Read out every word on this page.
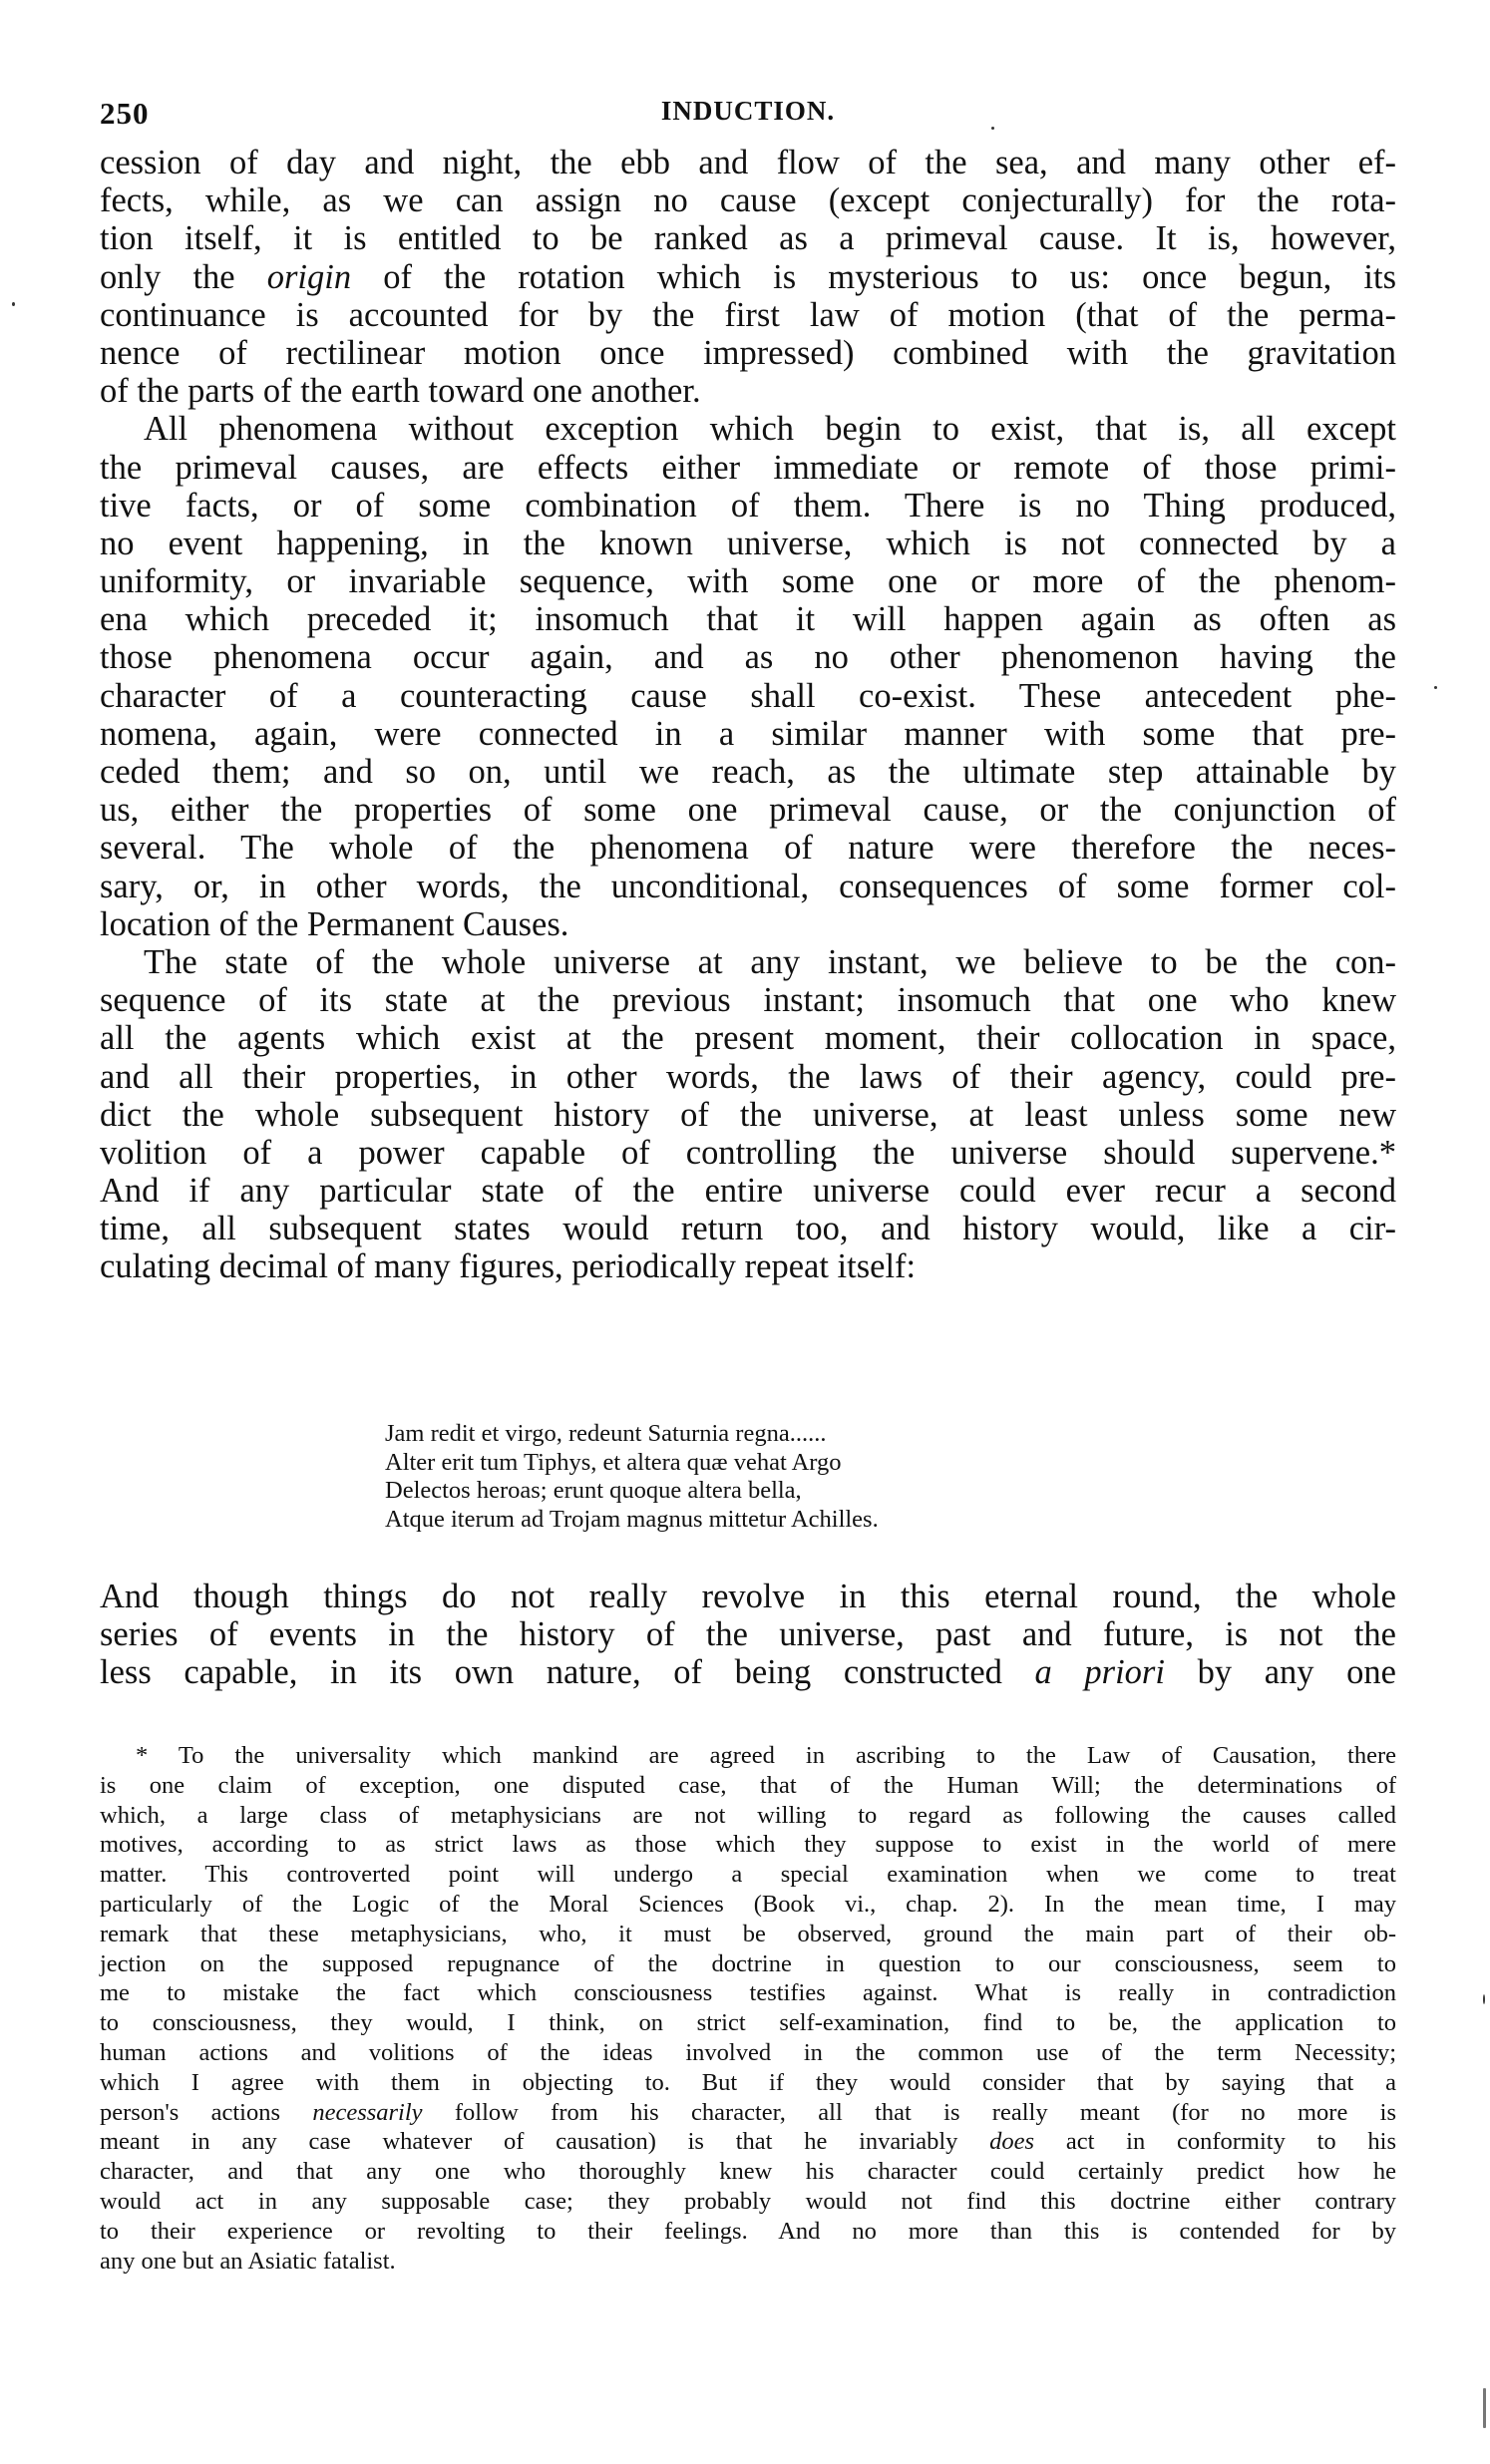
250	INDUCTION.
cession of day and night, the ebb and flow of the sea, and many other ef-
fects, while, as we can assign no cause (except conjecturally) for the rota-
tion itself, it is entitled to be ranked as a primeval cause. It is, however,
only the origin of the rotation which is mysterious to us: once begun, its
continuance is accounted for by the first law of motion (that of the perma-
nence of rectilinear motion once impressed) combined with the gravitation
of the parts of the earth toward one another.
All phenomena without exception which begin to exist, that is, all except
the primeval causes, are effects either immediate or remote of those primi-
tive facts, or of some combination of them. There is no Thing produced,
no event happening, in the known universe, which is not connected by a
uniformity, or invariable sequence, with some one or more of the phenom-
ena which preceded it; insomuch that it will happen again as often as
those phenomena occur again, and as no other phenomenon having the
character of a counteracting cause shall co-exist. These antecedent phe-
nomena, again, were connected in a similar manner with some that pre-
ceded them; and so on, until we reach, as the ultimate step attainable by
us, either the properties of some one primeval cause, or the conjunction of
several. The whole of the phenomena of nature were therefore the neces-
sary, or, in other words, the unconditional, consequences of some former col-
location of the Permanent Causes.
The state of the whole universe at any instant, we believe to be the con-
sequence of its state at the previous instant; insomuch that one who knew
all the agents which exist at the present moment, their collocation in space,
and all their properties, in other words, the laws of their agency, could pre-
dict the whole subsequent history of the universe, at least unless some new
volition of a power capable of controlling the universe should supervene.*
And if any particular state of the entire universe could ever recur a second
time, all subsequent states would return too, and history would, like a cir-
culating decimal of many figures, periodically repeat itself:
Jam redit et virgo, redeunt Saturnia regna......
Alter erit tum Tiphys, et altera quæ vehat Argo
Delectos heroas; erunt quoque altera bella,
Atque iterum ad Trojam magnus mittetur Achilles.
And though things do not really revolve in this eternal round, the whole
series of events in the history of the universe, past and future, is not the
less capable, in its own nature, of being constructed a priori by any one
* To the universality which mankind are agreed in ascribing to the Law of Causation, there
is one claim of exception, one disputed case, that of the Human Will; the determinations of
which, a large class of metaphysicians are not willing to regard as following the causes called
motives, according to as strict laws as those which they suppose to exist in the world of mere
matter. This controverted point will undergo a special examination when we come to treat
particularly of the Logic of the Moral Sciences (Book vi., chap. 2). In the mean time, I may
remark that these metaphysicians, who, it must be observed, ground the main part of their ob-
jection on the supposed repugnance of the doctrine in question to our consciousness, seem to
me to mistake the fact which consciousness testifies against. What is really in contradiction
to consciousness, they would, I think, on strict self-examination, find to be, the application to
human actions and volitions of the ideas involved in the common use of the term Necessity;
which I agree with them in objecting to. But if they would consider that by saying that a
person's actions necessarily follow from his character, all that is really meant (for no more is
meant in any case whatever of causation) is that he invariably does act in conformity to his
character, and that any one who thoroughly knew his character could certainly predict how he
would act in any supposable case; they probably would not find this doctrine either contrary
to their experience or revolting to their feelings. And no more than this is contended for by
any one but an Asiatic fatalist.
